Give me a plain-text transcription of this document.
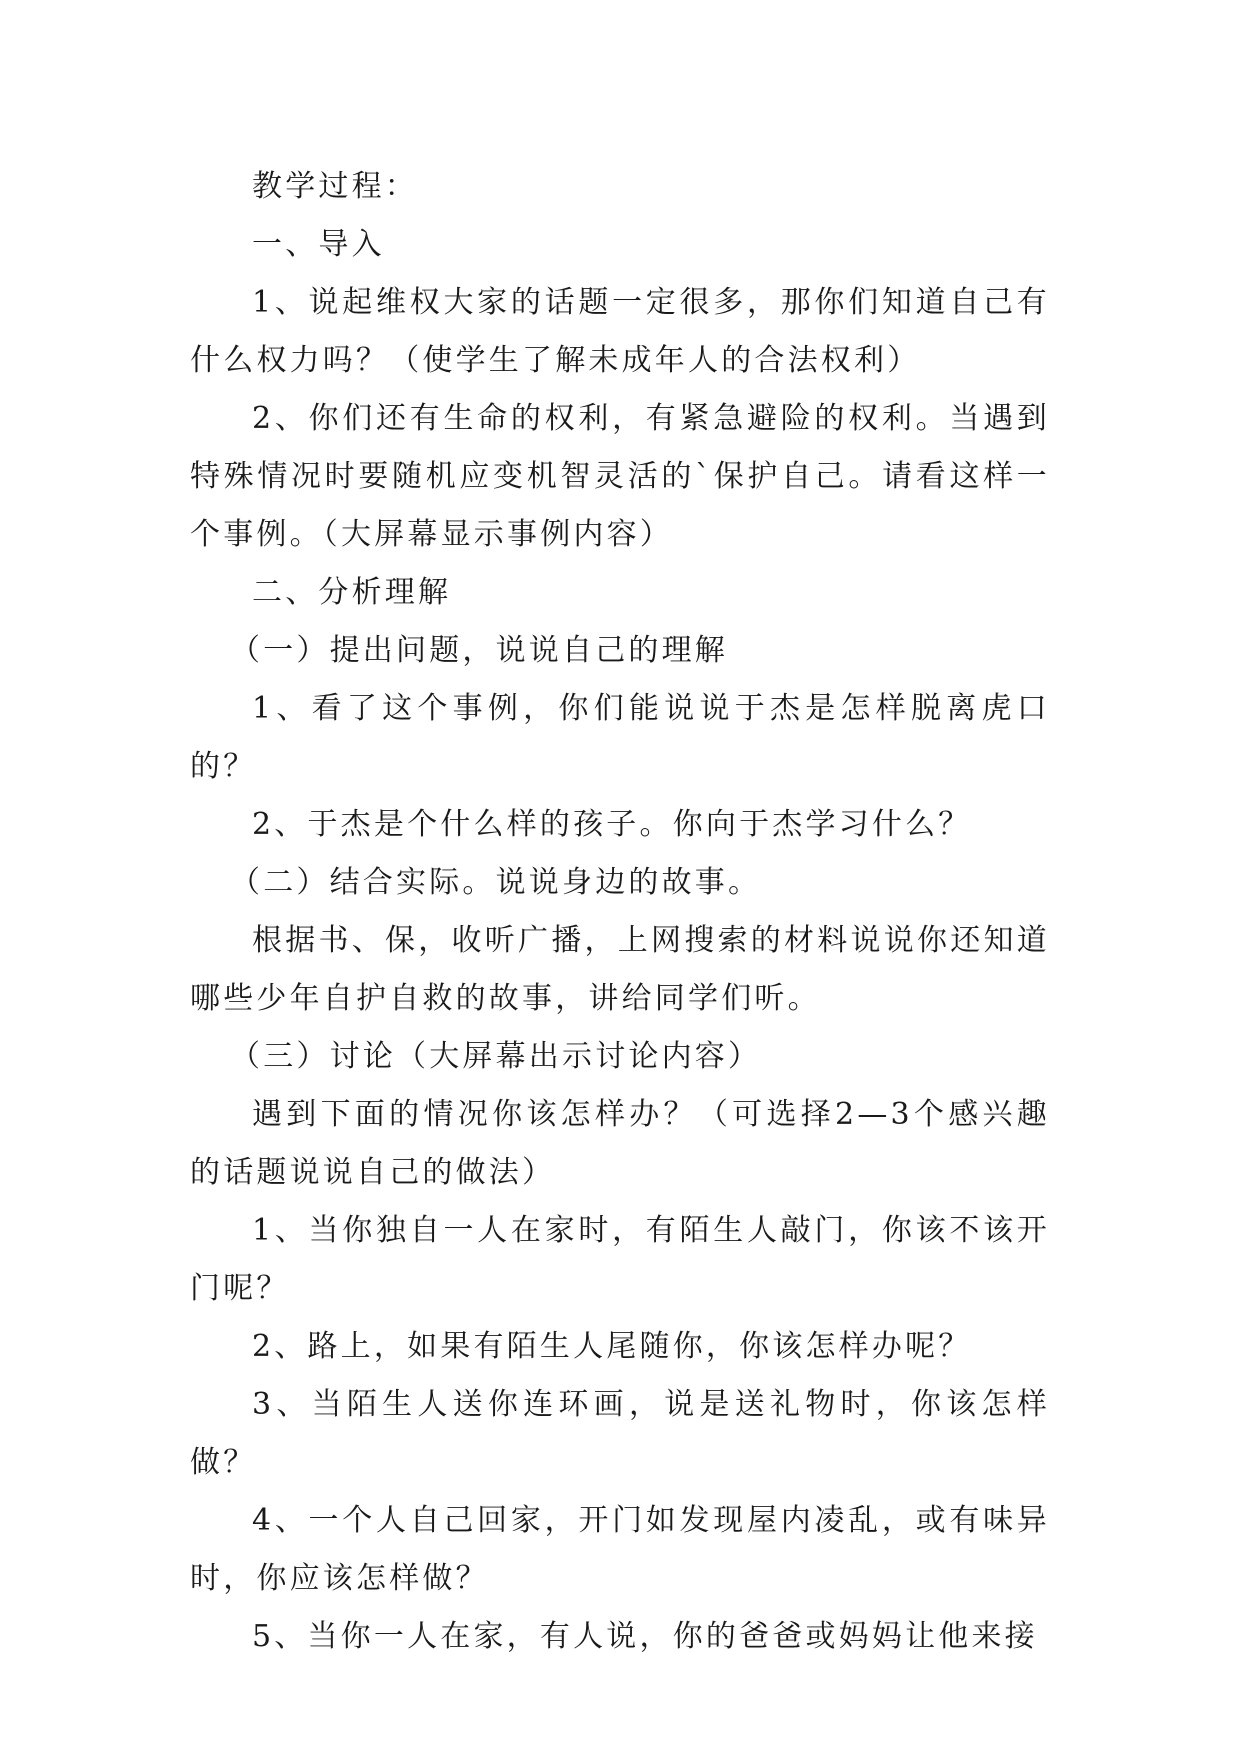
教学过程：

一、导入

1、说起维权大家的话题一定很多，那你们知道自己有什么权力吗？（使学生了解未成年人的合法权利）

2、你们还有生命的权利，有紧急避险的权利。当遇到特殊情况时要随机应变机智灵活的`保护自己。请看这样一个事例。（大屏幕显示事例内容）

二、分析理解

（一）提出问题，说说自己的理解

1、看了这个事例，你们能说说于杰是怎样脱离虎口的？

2、于杰是个什么样的孩子。你向于杰学习什么？

（二）结合实际。说说身边的故事。

根据书、保，收听广播，上网搜索的材料说说你还知道哪些少年自护自救的故事，讲给同学们听。

（三）讨论（大屏幕出示讨论内容）

遇到下面的情况你该怎样办？（可选择2—3个感兴趣的话题说说自己的做法）

1、当你独自一人在家时，有陌生人敲门，你该不该开门呢？

2、路上，如果有陌生人尾随你，你该怎样办呢？

3、当陌生人送你连环画，说是送礼物时，你该怎样做？

4、一个人自己回家，开门如发现屋内凌乱，或有味异时，你应该怎样做？

5、当你一人在家，有人说，你的爸爸或妈妈让他来接
